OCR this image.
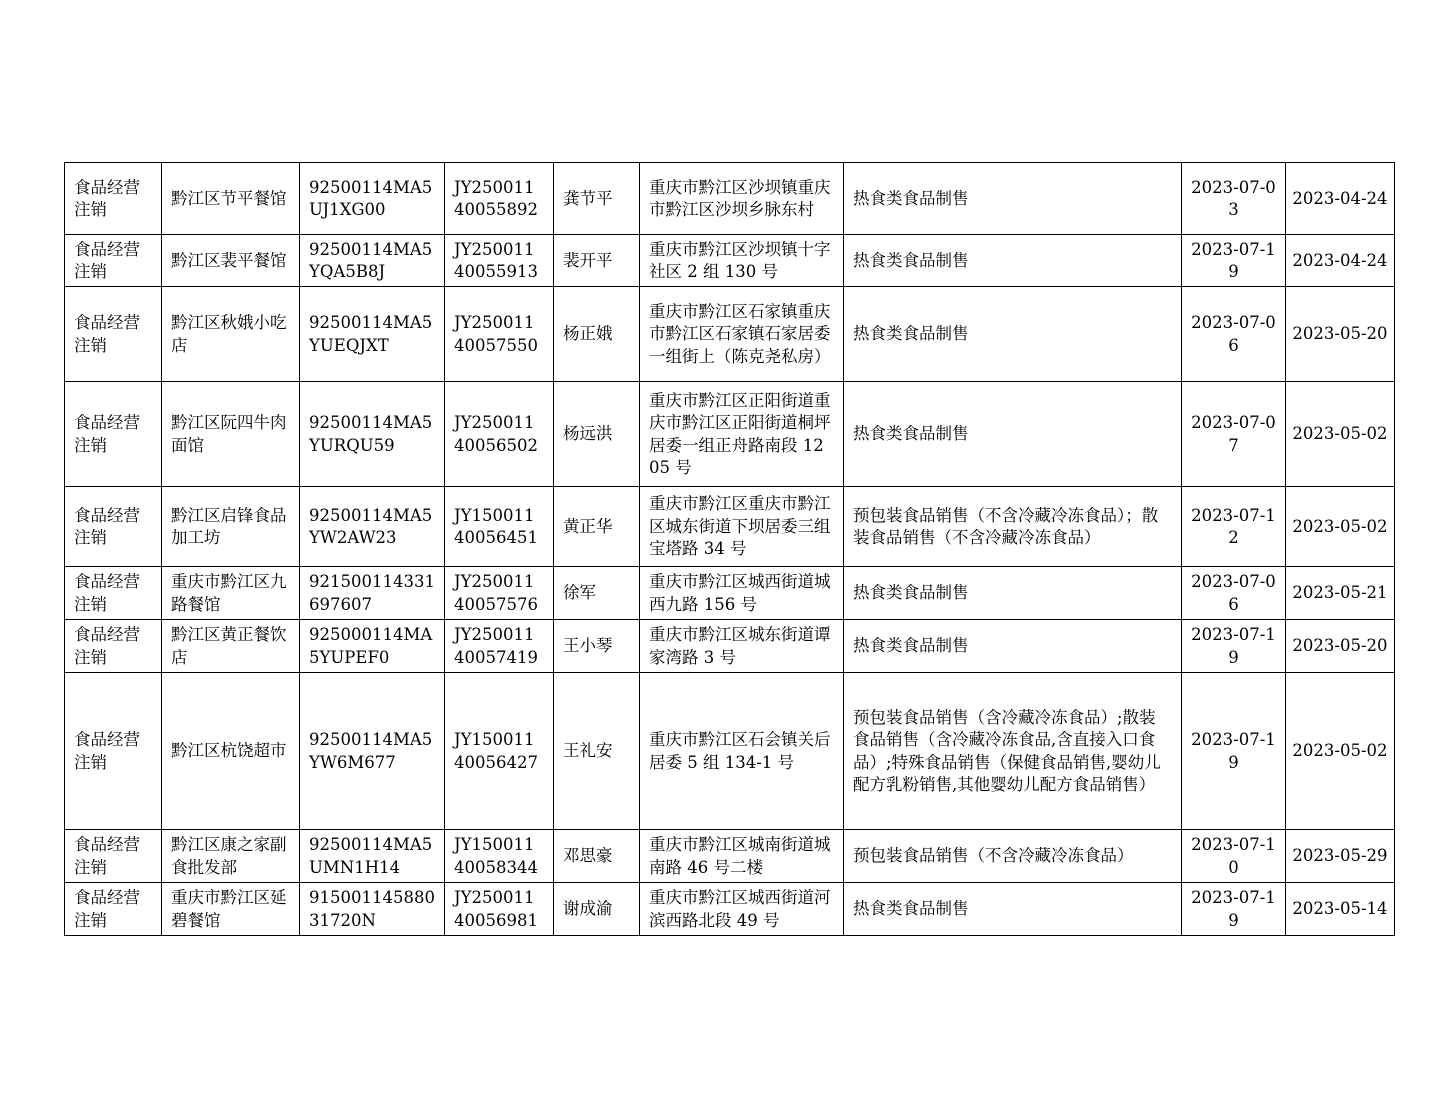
食品经营注销	黔江区节平餐馆	92500114MA5UJ1XG00	JY25001140055892	龚节平	重庆市黔江区沙坝镇重庆市黔江区沙坝乡脉东村	热食类食品制售	2023-07-03	2023-04-24
食品经营注销	黔江区裴平餐馆	92500114MA5YQA5B8J	JY25001140055913	裴开平	重庆市黔江区沙坝镇十字社区 2 组 130 号	热食类食品制售	2023-07-19	2023-04-24
食品经营注销	黔江区秋娥小吃店	92500114MA5YUEQJXT	JY25001140057550	杨正娥	重庆市黔江区石家镇重庆市黔江区石家镇石家居委一组街上（陈克尧私房）	热食类食品制售	2023-07-06	2023-05-20
食品经营注销	黔江区阮四牛肉面馆	92500114MA5YURQU59	JY25001140056502	杨远洪	重庆市黔江区正阳街道重庆市黔江区正阳街道桐坪居委一组正舟路南段 1205 号	热食类食品制售	2023-07-07	2023-05-02
食品经营注销	黔江区启锋食品加工坊	92500114MA5YW2AW23	JY15001140056451	黄正华	重庆市黔江区重庆市黔江区城东街道下坝居委三组宝塔路 34 号	预包装食品销售（不含冷藏冷冻食品）；散装食品销售（不含冷藏冷冻食品）	2023-07-12	2023-05-02
食品经营注销	重庆市黔江区九路餐馆	921500114331697607	JY25001140057576	徐军	重庆市黔江区城西街道城西九路 156 号	热食类食品制售	2023-07-06	2023-05-21
食品经营注销	黔江区黄正餐饮店	925000114MA5YUPEF0	JY25001140057419	王小琴	重庆市黔江区城东街道谭家湾路 3 号	热食类食品制售	2023-07-19	2023-05-20
食品经营注销	黔江区杭饶超市	92500114MA5YW6M677	JY15001140056427	王礼安	重庆市黔江区石会镇关后居委 5 组 134-1 号	预包装食品销售（含冷藏冷冻食品）;散装食品销售（含冷藏冷冻食品,含直接入口食品）;特殊食品销售（保健食品销售,婴幼儿配方乳粉销售,其他婴幼儿配方食品销售）	2023-07-19	2023-05-02
食品经营注销	黔江区康之家副食批发部	92500114MA5UMN1H14	JY15001140058344	邓思豪	重庆市黔江区城南街道城南路 46 号二楼	预包装食品销售（不含冷藏冷冻食品）	2023-07-10	2023-05-29
食品经营注销	重庆市黔江区延碧餐馆	91500114588031720N	JY25001140056981	谢成渝	重庆市黔江区城西街道河滨西路北段 49 号	热食类食品制售	2023-07-19	2023-05-14
